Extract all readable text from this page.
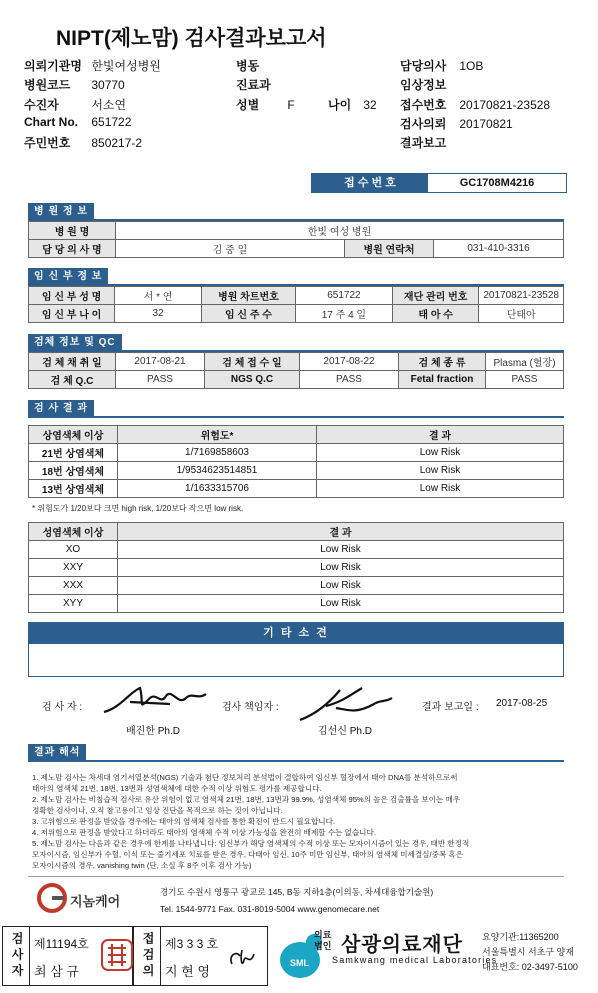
NIPT(제노맘) 검사결과보고서
의뢰기관명 한빛여성병원
병원코드 30770
수진자	서소연
Chart No. 651722
주민번호 850217-2
병동
진료과
성별 F	나이 32
담당의사 1OB
임상정보
접수번호 20170821-23528
검사의뢰 20170821
결과보고
접 수 번 호	GC1708M4216
병 원 정 보
병 원 명	한빛 여성 병원		
담 당 의 사 명	김 중 일	병원 연락처	031-410-3316
임 신 부 정 보
임 신 부 성 명	서 * 연	병원 차트번호	651722	재단 관리 번호	20170821-23528
임 신 부 나 이	32	임 신 주 수	17 주 4 일	태 아 수	단태아
검체 정보 및 QC
검 체 채 취 일	2017-08-21	검 체 접 수 일	2017-08-22	검 체 종 류	Plasma (혈장)
검 체 Q.C	PASS	NGS Q.C	PASS	Fetal fraction	PASS
검 사 결 과
상염색체 이상	위험도*	결 과
21번 상염색체	1/7169858603	Low Risk
18번 상염색체	1/9534623514851	Low Risk
13번 상염색체	1/1633315706	Low Risk
* 위험도가 1/20보다 크면 high risk, 1/20보다 작으면 low risk.
성염색체 이상	결 과
XO	Low Risk
XXY	Low Risk
XXX	Low Risk
XYY	Low Risk
기 타 소 견
검 사 자 :
배진한 Ph.D
검사 책임자 :
김선신 Ph.D
결과 보고일 : 2017-08-25
결과 해석
1. 제노맘 검사는 차세대 염기서열분석(NGS) 기술과 첨단 정보처리 분석법이 결합하여 임신부 혈장에서 태아 DNA를 분석하므로써
태아의 염색체 21번, 18번, 13번과 성염색체에 대한 수적 이상 위험도 평가를 제공합니다.
2. 제노맘 검사는 비침습적 검사로 유산 위험이 없고 염색체 21번, 18번, 13번과 99.9%, 성염색체 95%의 높은 검출률을 보이는 매우
정확한 검사이나, 오직 참고용이고 임상 진단을 목적으로 하는 것이 아닙니다.
3. 고위험으로 판정을 받았을 경우에는 태아의 염색체 검사를 통한 확진이 반드시 필요합니다.
4. 저위험으로 판정을 받았다고 하더라도 태아의 염색체 수적 이상 가능성을 완전히 배제할 수는 없습니다.
5. 제노맘 검사는 다음과 같은 경우에 한계를 나타냅니다: 임신부가 해당 염색체의 수적 이상 또는 모자이시즘이 있는 경우, 태반 한정적
모자이시즘, 임신부가 수혈, 이식 또는 줄기세포 치료를 받은 경우, 다태아 임신, 10주 미만 임신부, 태아의 염색체 미세결실/중복 혹은
모자이시즘의 경우, vanishing twin (단, 소실 후 8주 이후 검사 가능)
지놈케어
경기도 수원시 영통구 광교로 145, B동 지하1층(이의동, 차세대융합기술원)
Tel. 1544-9771 Fax. 031-8019-5004 www.genomecare.net
검사자 제11194호
최 삼 규	접검의 제3 3 3 호
지 현 영
SML
의료법인 삼광의료재단
Samkwang medical Laboratories
요양기관:11365200
서울특별시 서초구 양재
대표번호: 02-3497-5100
